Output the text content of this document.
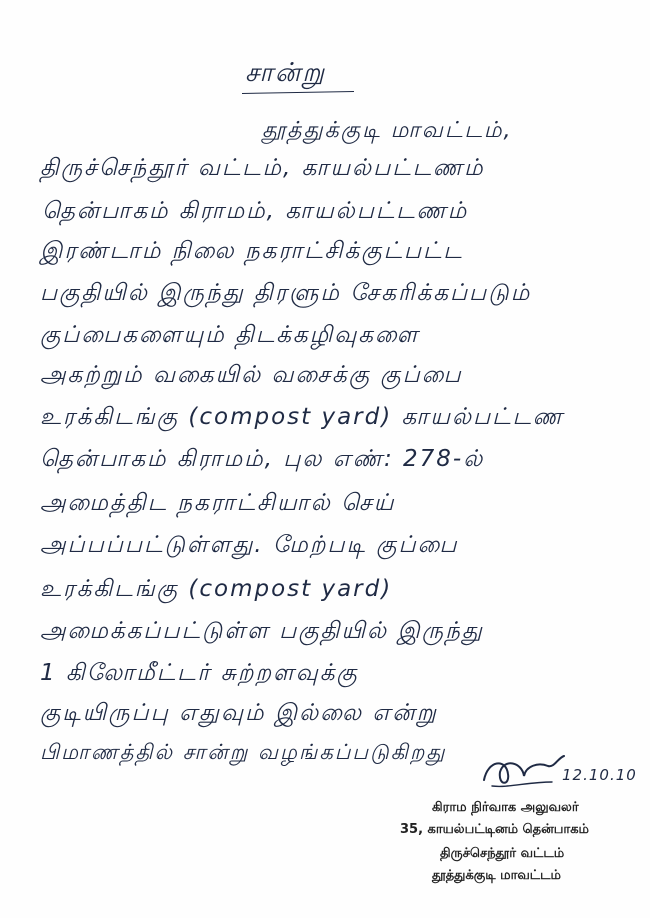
சான்று
தூத்துக்குடி மாவட்டம்,
திருச்செந்தூர் வட்டம், காயல்பட்டணம்
தென்பாகம் கிராமம், காயல்பட்டணம்
இரண்டாம் நிலை நகராட்சிக்குட்பட்ட
பகுதியில் இருந்து திரளும் சேகரிக்கப்படும்
குப்பைகளையும் திடக்கழிவுகளை
அகற்றும் வகையில் வசைக்கு குப்பை
உரக்கிடங்கு (compost yard) காயல்பட்டண
தென்பாகம் கிராமம், புல எண்: 278-ல்
அமைத்திட நகராட்சியால் செய்
அப்பப்பட்டுள்ளது. மேற்படி குப்பை
உரக்கிடங்கு (compost yard)
அமைக்கப்பட்டுள்ள பகுதியில் இருந்து
1 கிலோமீட்டர் சுற்றளவுக்கு
குடியிருப்பு எதுவும் இல்லை என்று
பிமாணத்தில் சான்று வழங்கப்படுகிறது
12.10.10
கிராம நிர்வாக அலுவலர்
35, காயல்பட்டினம் தென்பாகம்
திருச்செந்தூர் வட்டம்
தூத்துக்குடி மாவட்டம்
